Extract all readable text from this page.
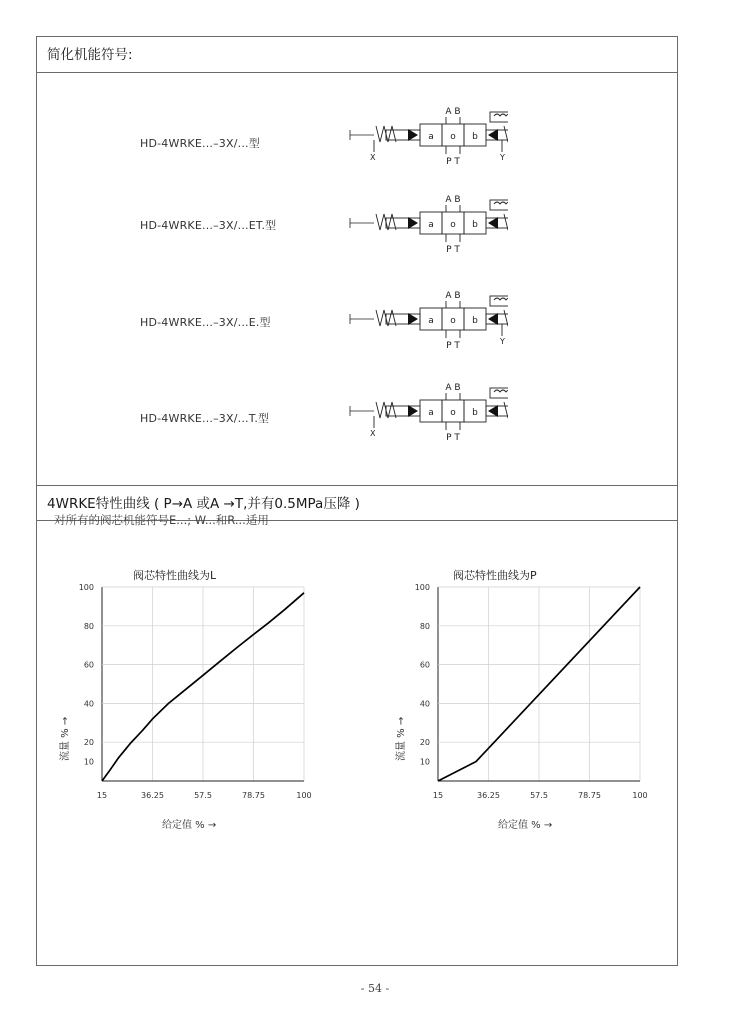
简化机能符号:
4WRKE特性曲线 ( P→A 或A →T,并有0.5MPa压降 )
HD-4WRKE...–3X/...型
HD-4WRKE...–3X/...ET.型
HD-4WRKE...–3X/...E.型
HD-4WRKE...–3X/...T.型
a o b
A B
P T
X	Y
a o b
A B
P T
a o b
A B
P T	Y
a o b
A B
P T
X
对所有的阀芯机能符号E...; W...和R...适用
阀芯特性曲线为L	阀芯特性曲线为P
15	36.25	57.5	78.75	100
10
20
40
60
80
100
给定值 % →
流量 % →
15	36.25	57.5	78.75	100
10
20
40
60
80
100
给定值 % →
流量 % →
- 54 -
